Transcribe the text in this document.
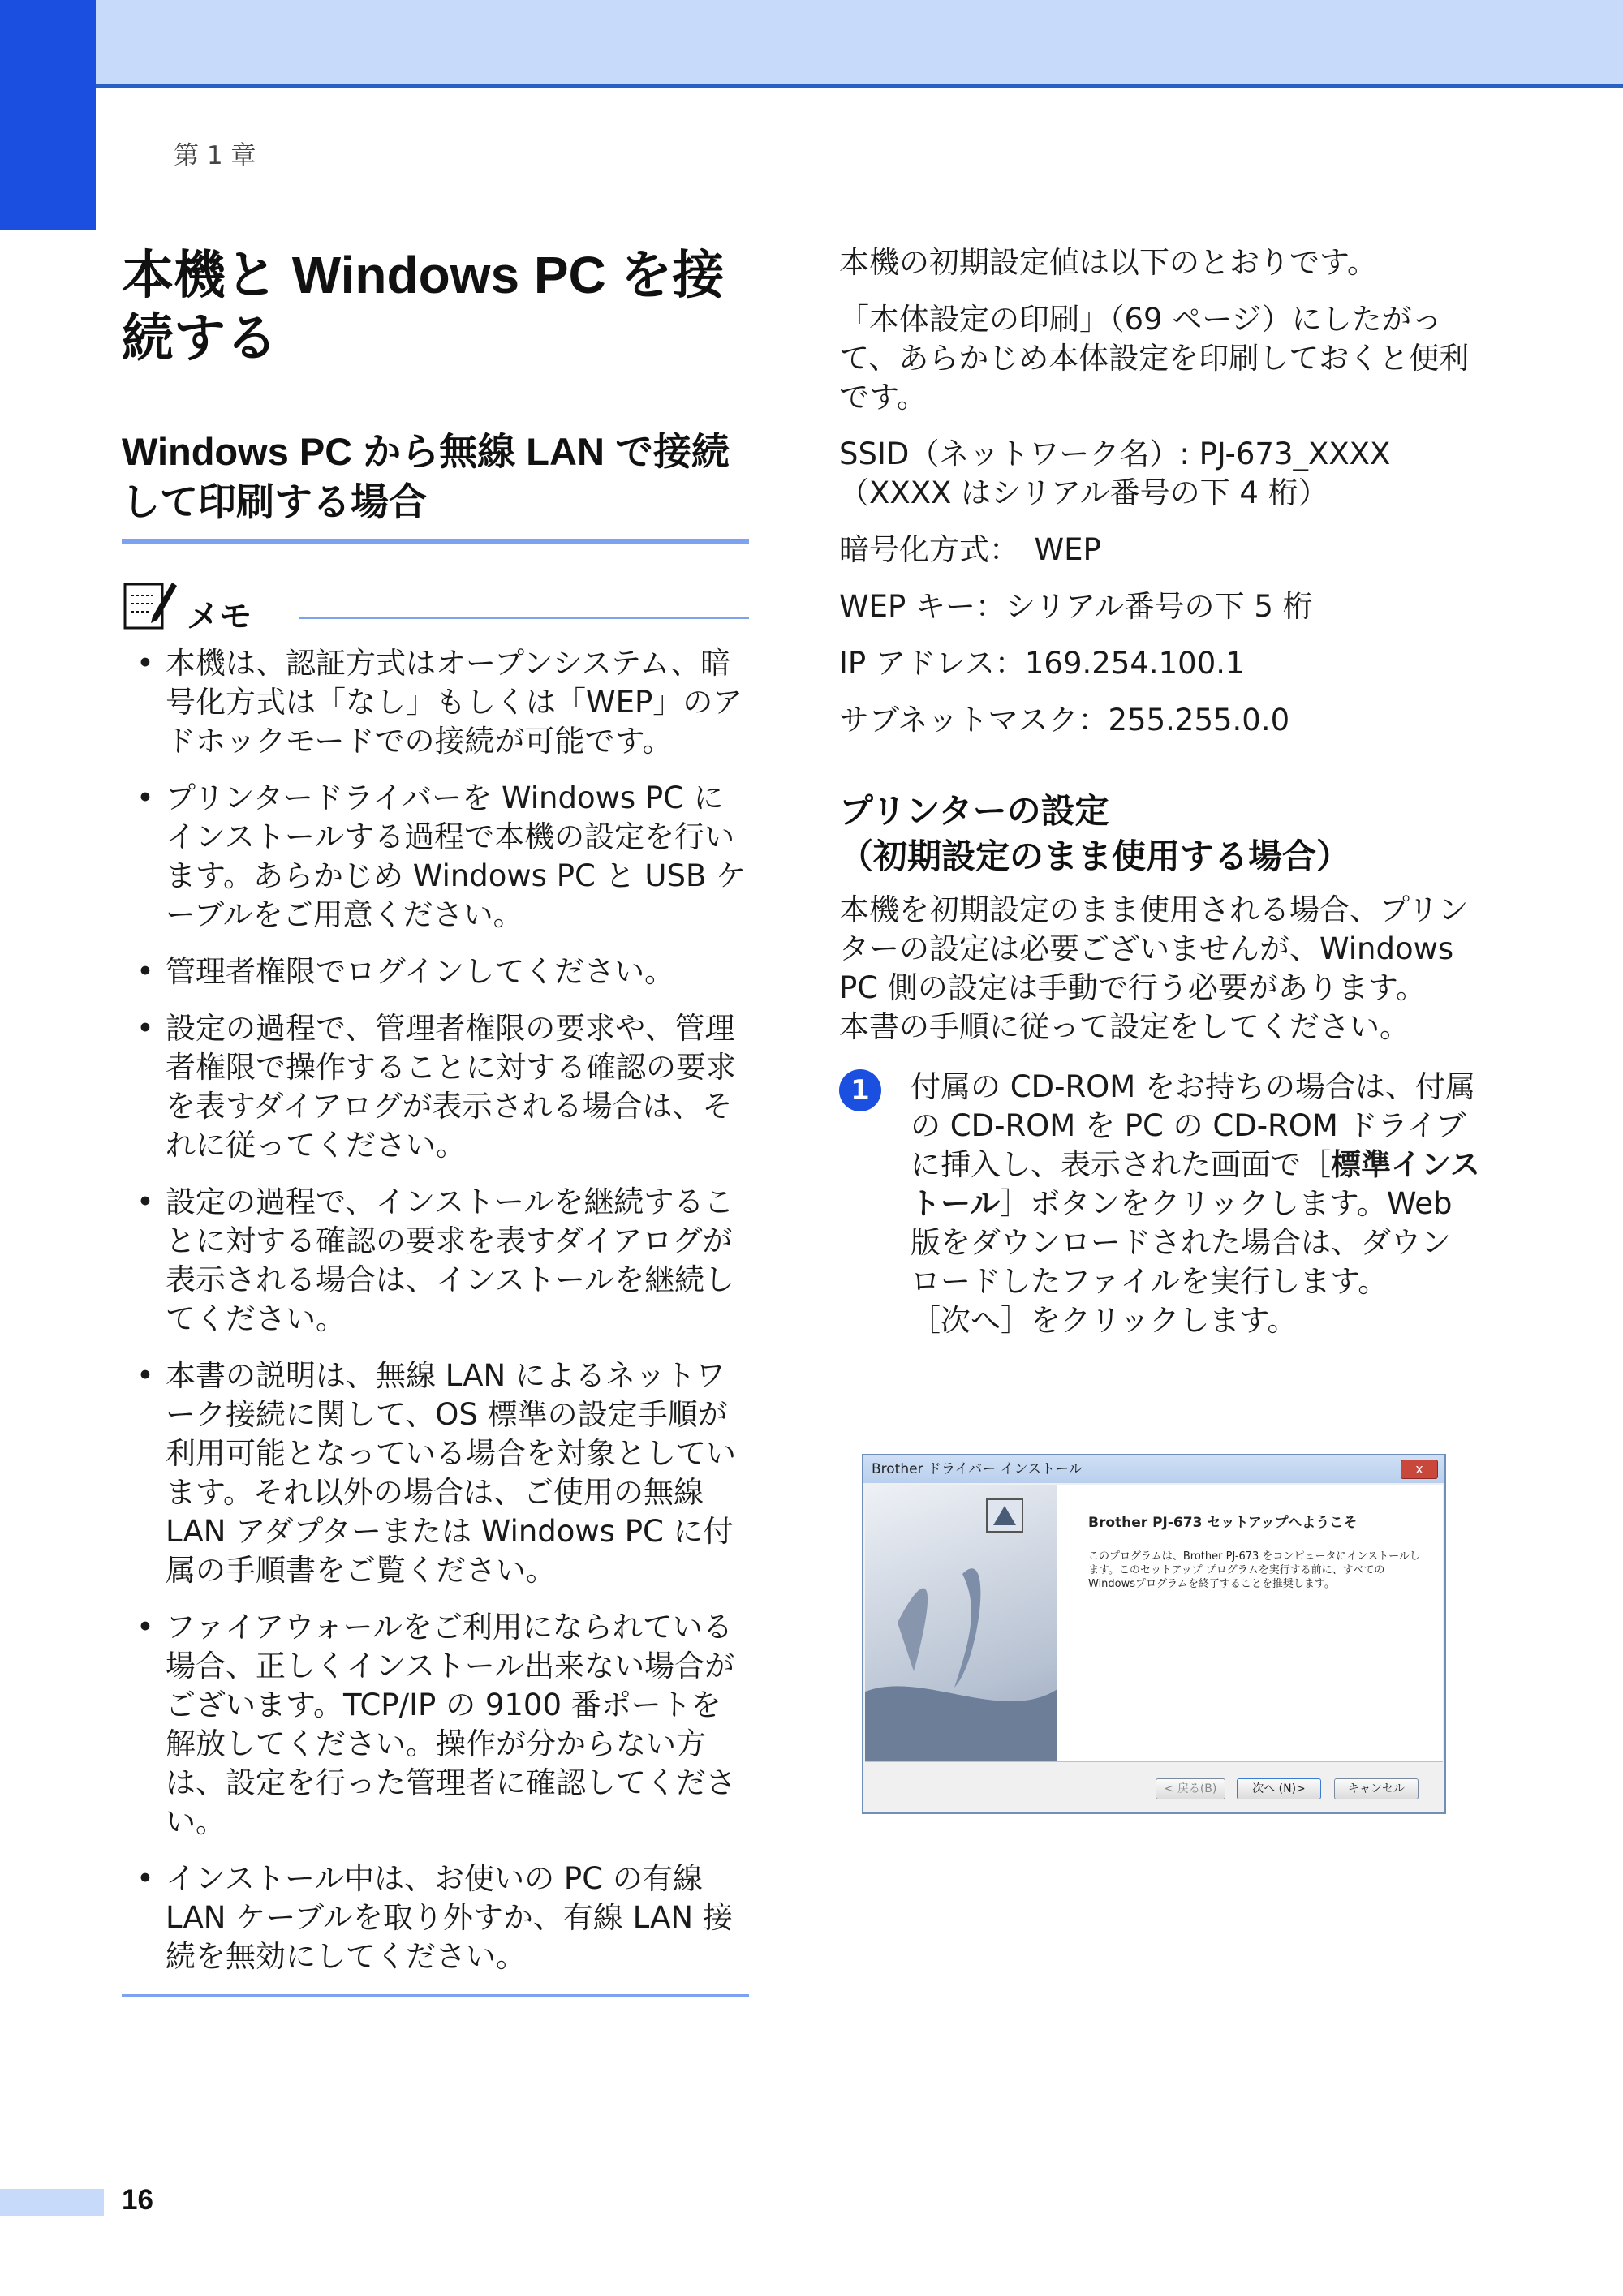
第 1 章
本機と Windows PC を接続する
Windows PC から無線 LAN で接続して印刷する場合
メモ
• 本機は、認証方式はオープンシステム、暗号化方式は「なし」もしくは「WEP」のアドホックモードでの接続が可能です。
• プリンタードライバーを Windows PC にインストールする過程で本機の設定を行います。あらかじめ Windows PC と USB ケーブルをご用意ください。
• 管理者権限でログインしてください。
• 設定の過程で、管理者権限の要求や、管理者権限で操作することに対する確認の要求を表すダイアログが表示される場合は、それに従ってください。
• 設定の過程で、インストールを継続することに対する確認の要求を表すダイアログが表示される場合は、インストールを継続してください。
• 本書の説明は、無線 LAN によるネットワーク接続に関して、OS 標準の設定手順が利用可能となっている場合を対象としています。それ以外の場合は、ご使用の無線 LAN アダプターまたは Windows PC に付属の手順書をご覧ください。
• ファイアウォールをご利用になられている場合、正しくインストール出来ない場合がございます。TCP/IP の 9100 番ポートを解放してください。操作が分からない方は、設定を行った管理者に確認してください。
• インストール中は、お使いの PC の有線 LAN ケーブルを取り外すか、有線 LAN 接続を無効にしてください。

本機の初期設定値は以下のとおりです。

「本体設定の印刷」（69 ページ）にしたがって、あらかじめ本体設定を印刷しておくと便利です。

SSID（ネットワーク名）: PJ-673_XXXX
（XXXX はシリアル番号の下 4 桁）

暗号化方式：　WEP

WEP キー：シリアル番号の下 5 桁

IP アドレス：169.254.100.1

サブネットマスク：255.255.0.0

プリンターの設定
（初期設定のまま使用する場合）

本機を初期設定のまま使用される場合、プリンターの設定は必要ございませんが、Windows PC 側の設定は手動で行う必要があります。

本書の手順に従って設定をしてください。

1	付属の CD-ROM をお持ちの場合は、付属の CD-ROM を PC の CD-ROM ドライブに挿入し、表示された画面で［標準インストール］ボタンをクリックします。Web 版をダウンロードされた場合は、ダウンロードしたファイルを実行します。
［次へ］をクリックします。
Brother ドライバー インストール	x
Brother PJ-673 セットアップへようこそ
このプログラムは、Brother PJ-673 をコンピュータにインストールします。このセットアップ プログラムを実行する前に、すべてのWindowsプログラムを終了することを推奨します。
< 戻る(B)	次へ (N)>	キャンセル
16
